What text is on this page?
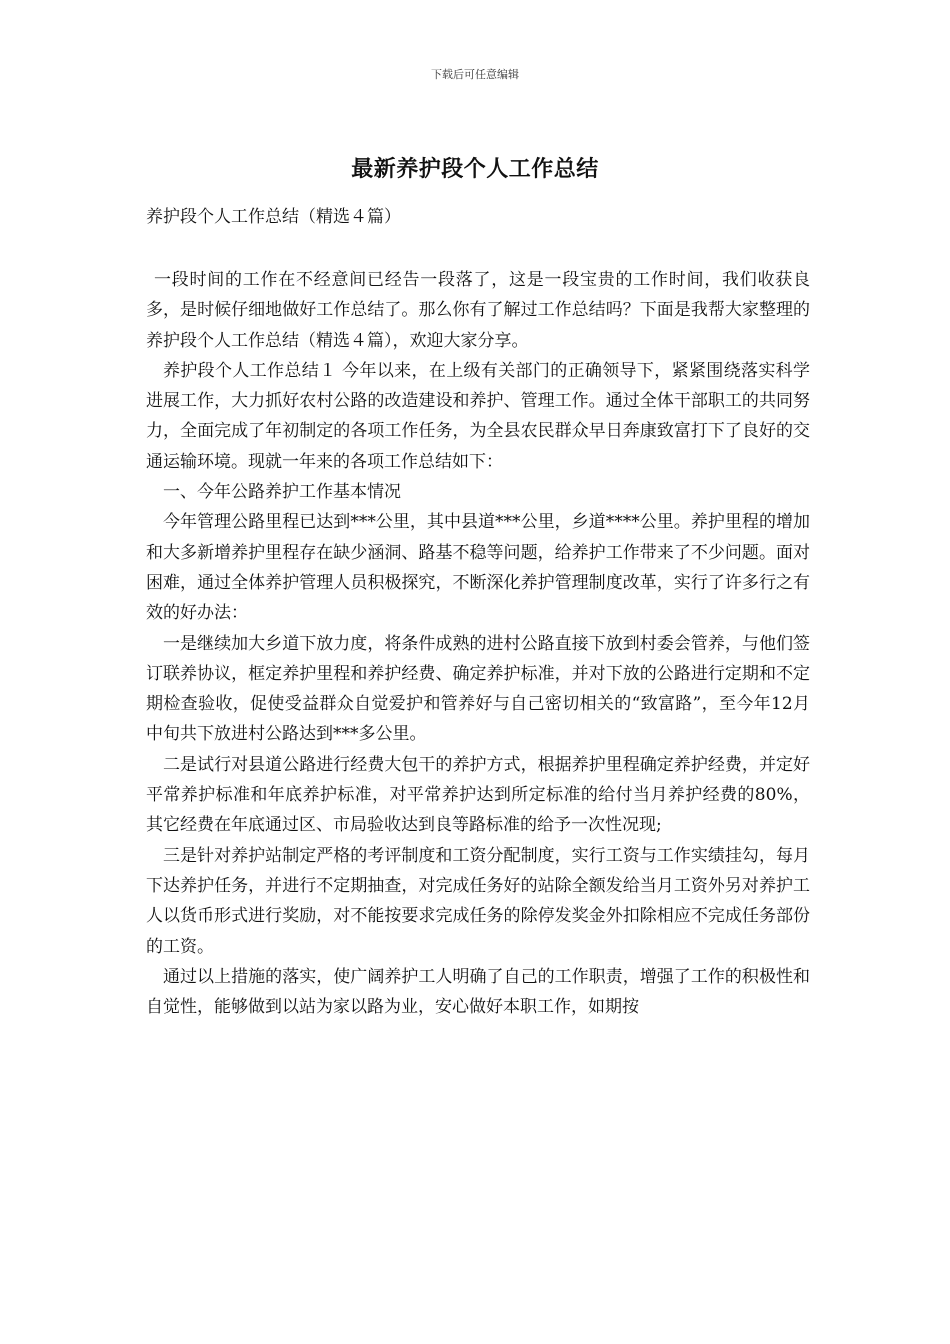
下载后可任意编辑
最新养护段个人工作总结
养护段个人工作总结（精选４篇）

一段时间的工作在不经意间已经告一段落了，这是一段宝贵的工作时间，我们收获良多，是时候仔细地做好工作总结了。那么你有了解过工作总结吗？下面是我帮大家整理的养护段个人工作总结（精选４篇），欢迎大家分享。

养护段个人工作总结１ 今年以来，在上级有关部门的正确领导下，紧紧围绕落实科学进展工作，大力抓好农村公路的改造建设和养护、管理工作。通过全体干部职工的共同努力，全面完成了年初制定的各项工作任务，为全县农民群众早日奔康致富打下了良好的交通运输环境。现就一年来的各项工作总结如下：

一、今年公路养护工作基本情况

今年管理公路里程已达到***公里，其中县道***公里，乡道****公里。养护里程的增加和大多新增养护里程存在缺少涵洞、路基不稳等问题，给养护工作带来了不少问题。面对困难，通过全体养护管理人员积极探究，不断深化养护管理制度改革，实行了许多行之有效的好办法：

一是继续加大乡道下放力度，将条件成熟的进村公路直接下放到村委会管养，与他们签订联养协议，框定养护里程和养护经费、确定养护标准，并对下放的公路进行定期和不定期检查验收，促使受益群众自觉爱护和管养好与自己密切相关的“致富路”，至今年12月中旬共下放进村公路达到***多公里。

二是试行对县道公路进行经费大包干的养护方式，根据养护里程确定养护经费，并定好平常养护标准和年底养护标准，对平常养护达到所定标准的给付当月养护经费的80%，其它经费在年底通过区、市局验收达到良等路标准的给予一次性况现;

三是针对养护站制定严格的考评制度和工资分配制度，实行工资与工作实绩挂勾，每月下达养护任务，并进行不定期抽查，对完成任务好的站除全额发给当月工资外另对养护工人以货币形式进行奖励，对不能按要求完成任务的除停发奖金外扣除相应不完成任务部份的工资。

通过以上措施的落实，使广阔养护工人明确了自己的工作职责，增强了工作的积极性和自觉性，能够做到以站为家以路为业，安心做好本职工作，如期按
